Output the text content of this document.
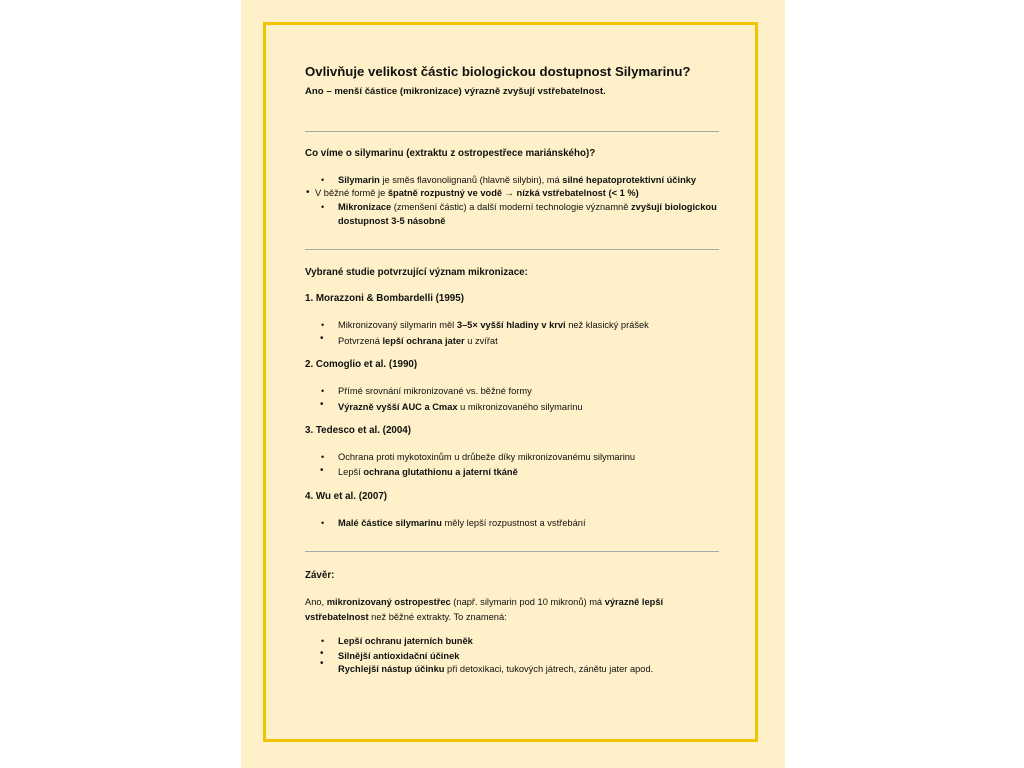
Ovlivňuje velikost částic biologickou dostupnost Silymarinu?
Ano – menší částice (mikronizace) výrazně zvyšují vstřebatelnost.
Co víme o silymarinu (extraktu z ostropestřece mariánského)?
• Silymarin je směs flavonolignanů (hlavně silybin), má silné hepatoprotektivní účinky
• V běžné formě je špatně rozpustný ve vodě → nízká vstřebatelnost (< 1 %)
• Mikronizace (zmenšení částic) a další moderní technologie významně zvyšují biologickou dostupnost 3-5 násobně
Vybrané studie potvrzující význam mikronizace:
1. Morazzoni & Bombardelli (1995)
• Mikronizovaný silymarin měl 3–5× vyšší hladiny v krvi než klasický prášek
• Potvrzená lepší ochrana jater u zvířat
2. Comoglio et al. (1990)
• Přímé srovnání mikronizované vs. běžné formy
• Výrazně vyšší AUC a Cmax u mikronizovaného silymarinu
3. Tedesco et al. (2004)
• Ochrana proti mykotoxinům u drůbeže díky mikronizovanému silymarinu
• Lepší ochrana glutathionu a jaterní tkáně
4. Wu et al. (2007)
• Malé částice silymarinu měly lepší rozpustnost a vstřebání
Závěr:
Ano, mikronizovaný ostropestřec (např. silymarin pod 10 mikronů) má výrazně lepší
vstřebatelnost než běžné extrakty. To znamená:
• Lepší ochranu jaterních buněk
• Silnější antioxidační účinek
• Rychlejší nástup účinku při detoxikaci, tukových játrech, zánětu jater apod.
